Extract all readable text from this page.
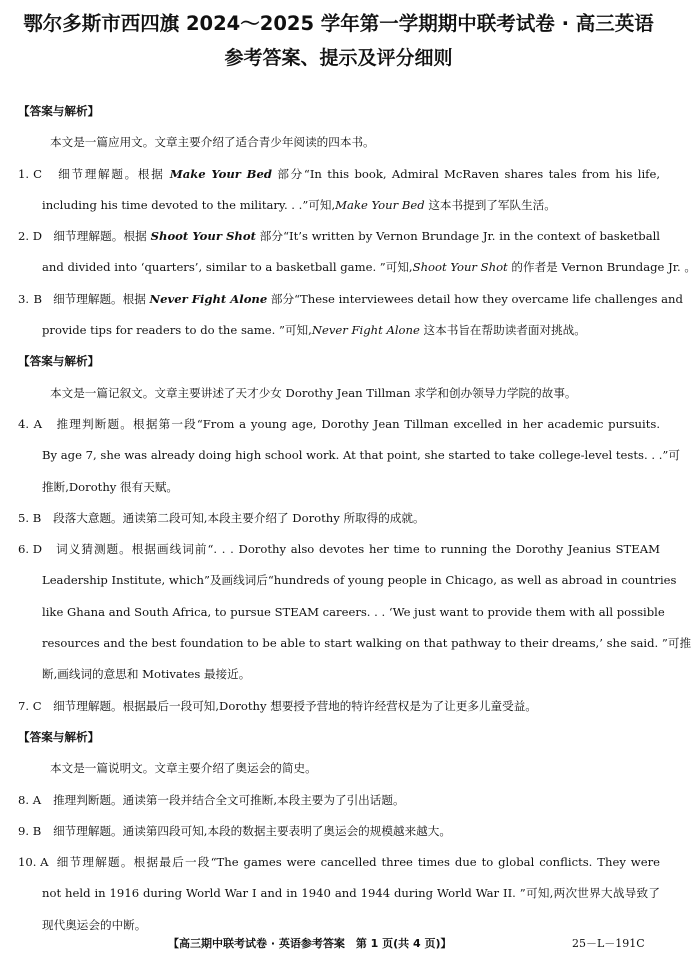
鄂尔多斯市西四旗 2024～2025 学年第一学期期中联考试卷 · 高三英语
参考答案、提示及评分细则
【答案与解析】
本文是一篇应用文。文章主要介绍了适合青少年阅读的四本书。
1. C 细节理解题。根据 Make Your Bed 部分“In this book, Admiral McRaven shares tales from his life,
including his time devoted to the military. . .”可知,Make Your Bed 这本书提到了军队生活。
2. D 细节理解题。根据 Shoot Your Shot 部分“It’s written by Vernon Brundage Jr. in the context of basketball
and divided into ‘quarters’, similar to a basketball game. ”可知,Shoot Your Shot 的作者是 Vernon Brundage Jr. 。
3. B 细节理解题。根据 Never Fight Alone 部分“These interviewees detail how they overcame life challenges and
provide tips for readers to do the same. ”可知,Never Fight Alone 这本书旨在帮助读者面对挑战。
【答案与解析】
本文是一篇记叙文。文章主要讲述了天才少女 Dorothy Jean Tillman 求学和创办领导力学院的故事。
4. A 推理判断题。根据第一段“From a young age, Dorothy Jean Tillman excelled in her academic pursuits.
By age 7, she was already doing high school work. At that point, she started to take college-level tests. . .”可
推断,Dorothy 很有天赋。
5. B 段落大意题。通读第二段可知,本段主要介绍了 Dorothy 所取得的成就。
6. D 词义猜测题。根据画线词前“. . . Dorothy also devotes her time to running the Dorothy Jeanius STEAM
Leadership Institute, which”及画线词后“hundreds of young people in Chicago, as well as abroad in countries
like Ghana and South Africa, to pursue STEAM careers. . . ‘We just want to provide them with all possible
resources and the best foundation to be able to start walking on that pathway to their dreams,’ she said. ”可推
断,画线词的意思和 Motivates 最接近。
7. C 细节理解题。根据最后一段可知,Dorothy 想要授予营地的特许经营权是为了让更多儿童受益。
【答案与解析】
本文是一篇说明文。文章主要介绍了奥运会的简史。
8. A 推理判断题。通读第一段并结合全文可推断,本段主要为了引出话题。
9. B 细节理解题。通读第四段可知,本段的数据主要表明了奥运会的规模越来越大。
10. A 细节理解题。根据最后一段“The games were cancelled three times due to global conflicts. They were
not held in 1916 during World War I and in 1940 and 1944 during World War II. ”可知,两次世界大战导致了
现代奥运会的中断。
【高三期中联考试卷 · 英语参考答案　第 1 页(共 4 页)】	25－L－191C
